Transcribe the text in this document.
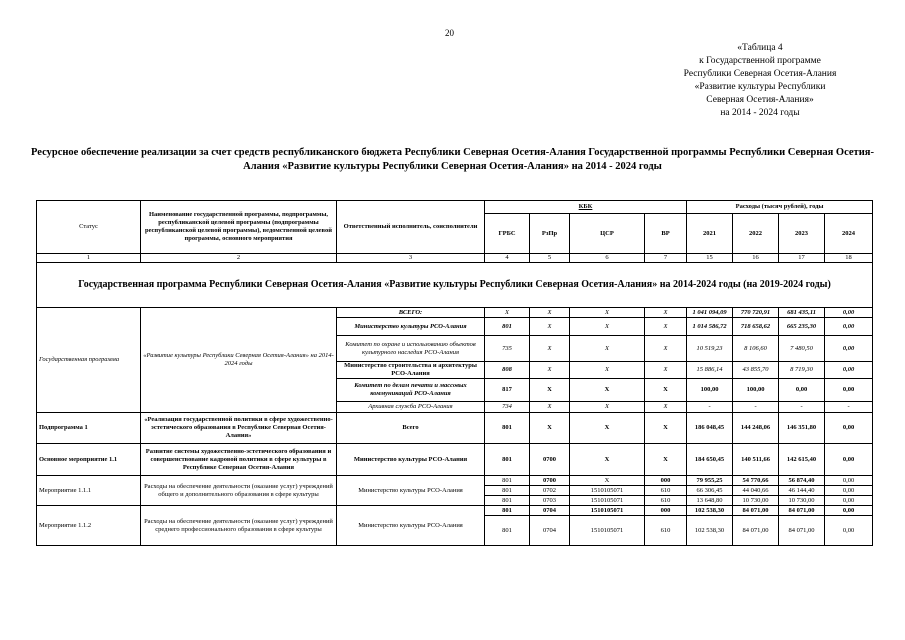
20
«Таблица 4
к Государственной программе
Республики Северная Осетия-Алания
«Развитие культуры Республики
Северная Осетия-Алания»
на 2014 - 2024 годы
Ресурсное обеспечение реализации за счет средств республиканского бюджета Республики Северная Осетия-Алания Государственной программы Республики Северная Осетия-Алания «Развитие культуры Республики Северная Осетия-Алания» на 2014 - 2024 годы
Статус	Наименование государственной программы, подпрограммы, республиканской целевой программы (подпрограммы республиканской целевой программы), ведомственной целевой программы, основного мероприятия	Ответственный исполнитель, соисполнители	КБК				Расходы (тысяч рублей), годы			
			ГРБС	РзПр	ЦСР	ВР	2021	2022	2023	2024
1	2	3	4	5	6	7	15	16	17	18
Государственная программа Республики Северная Осетия-Алания «Развитие культуры Республики Северная Осетия-Алания» на 2014-2024 годы (на 2019-2024 годы)										
Государственная программа	«Развитие культуры Республики Северная Осетия-Алания» на 2014-2024 годы	ВСЕГО:	X	X	X	X	1 041 094,09	770 720,91	681 435,11	0,00
		Министерство культуры РСО-Алания	801	X	X	X	1 014 586,72	718 658,62	665 235,30	0,00
		Комитет по охране и использованию объектов культурного наследия РСО-Алания	735	X	X	X	10 519,23	8 106,60	7 480,50	0,00
		Министерство строительства и архитектуры РСО-Алания	808	X	X	X	15 886,14	43 855,70	8 719,30	0,00
		Комитет по делам печати и массовых коммуникаций РСО-Алания	817	X	X	X	100,00	100,00	0,00	0,00
		Архивная служба РСО-Алания	734	X	X	X	-	-	-	-
Подпрограмма 1	«Реализация государственной политики в сфере художественно-эстетического образования в Республике Северная Осетия-Алания»	Всего	801	X	X	X	186 048,45	144 248,06	146 351,80	0,00
Основное мероприятие 1.1	Развитие системы художественно-эстетического образования и совершенствование кадровой политики в сфере культуры в Республике Северная Осетия-Алания	Министерство культуры РСО-Алания	801	0700	X	X	184 650,45	140 511,66	142 615,40	0,00
Мероприятие 1.1.1	Расходы на обеспечение деятельности (оказание услуг) учреждений общего и дополнительного образования в сфере культуры	Министерство культуры РСО-Алания	801	0700	X	000	79 955,25	54 770,66	56 874,40	0,00
			801	0702	1510105071	610	66 306,45	44 040,66	46 144,40	0,00
			801	0703	1510105071	610	13 648,80	10 730,00	10 730,00	0,00
Мероприятие 1.1.2	Расходы на обеспечение деятельности (оказание услуг) учреждений среднего профессионального образования в сфере культуры	Министерство культуры РСО-Алания	801	0704	1510105071	000	102 538,30	84 071,00	84 071,00	0,00
			801	0704	1510105071	610	102 538,30	84 071,00	84 071,00	0,00
